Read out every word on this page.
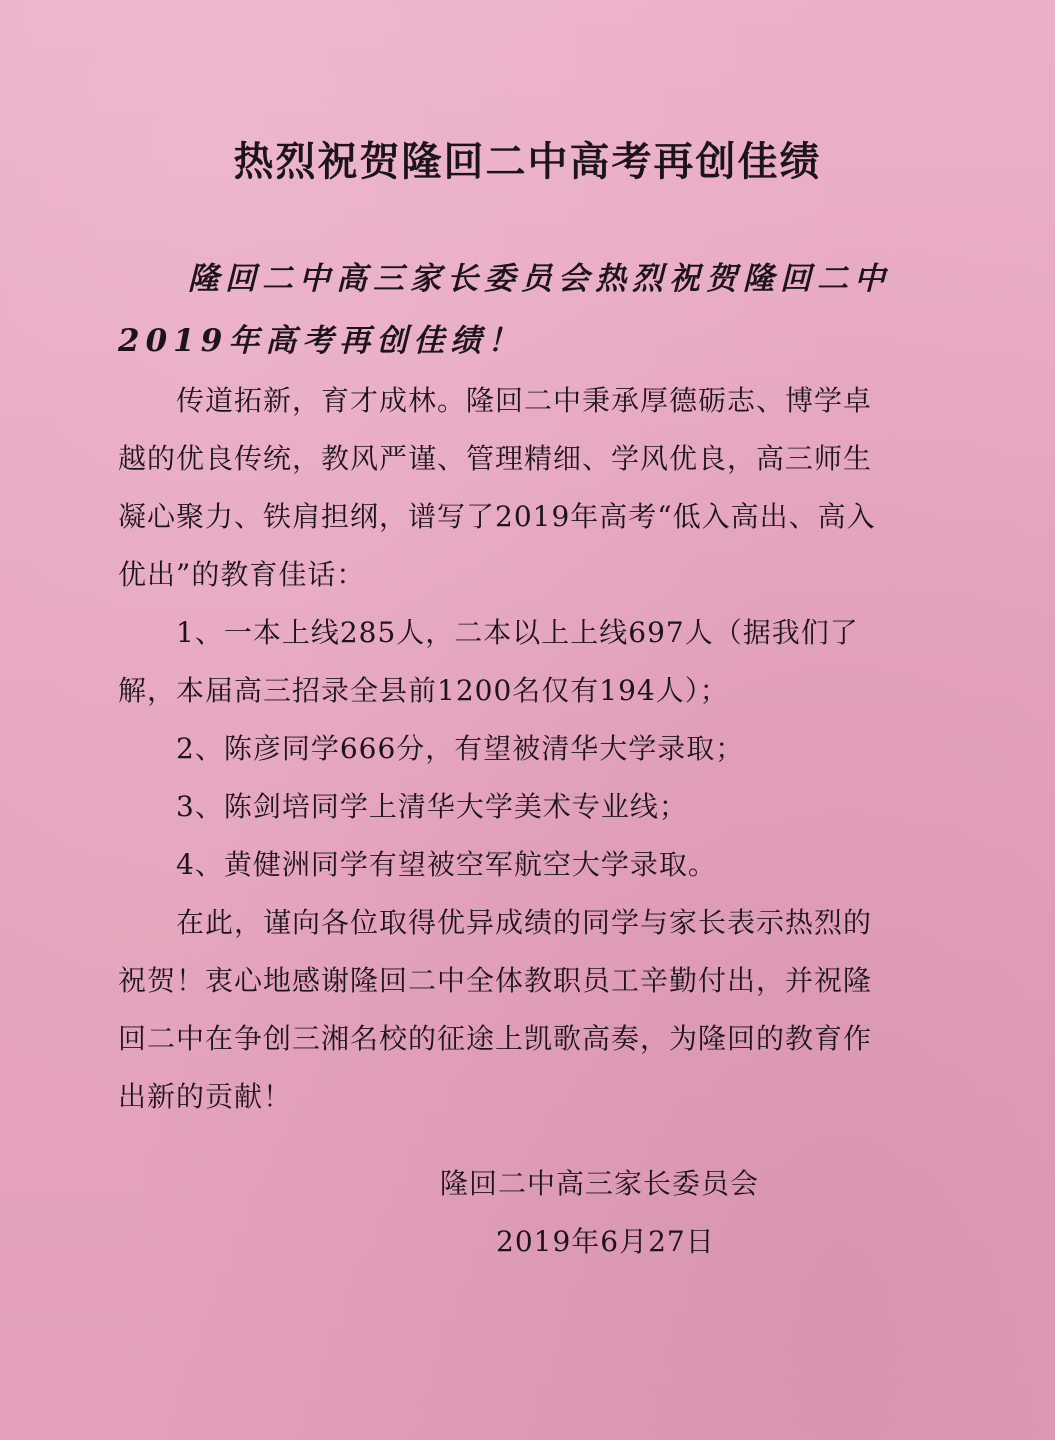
热烈祝贺隆回二中高考再创佳绩

隆回二中高三家长委员会热烈祝贺隆回二中2019年高考再创佳绩！

传道拓新，育才成林。隆回二中秉承厚德砺志、博学卓越的优良传统，教风严谨、管理精细、学风优良，高三师生凝心聚力、铁肩担纲，谱写了2019年高考“低入高出、高入优出”的教育佳话：

1、一本上线285人，二本以上上线697人（据我们了解，本届高三招录全县前1200名仅有194人）；

2、陈彦同学666分，有望被清华大学录取；

3、陈剑培同学上清华大学美术专业线；

4、黄健洲同学有望被空军航空大学录取。

在此，谨向各位取得优异成绩的同学与家长表示热烈的祝贺！衷心地感谢隆回二中全体教职员工辛勤付出，并祝隆回二中在争创三湘名校的征途上凯歌高奏，为隆回的教育作出新的贡献！

隆回二中高三家长委员会
2019年6月27日
